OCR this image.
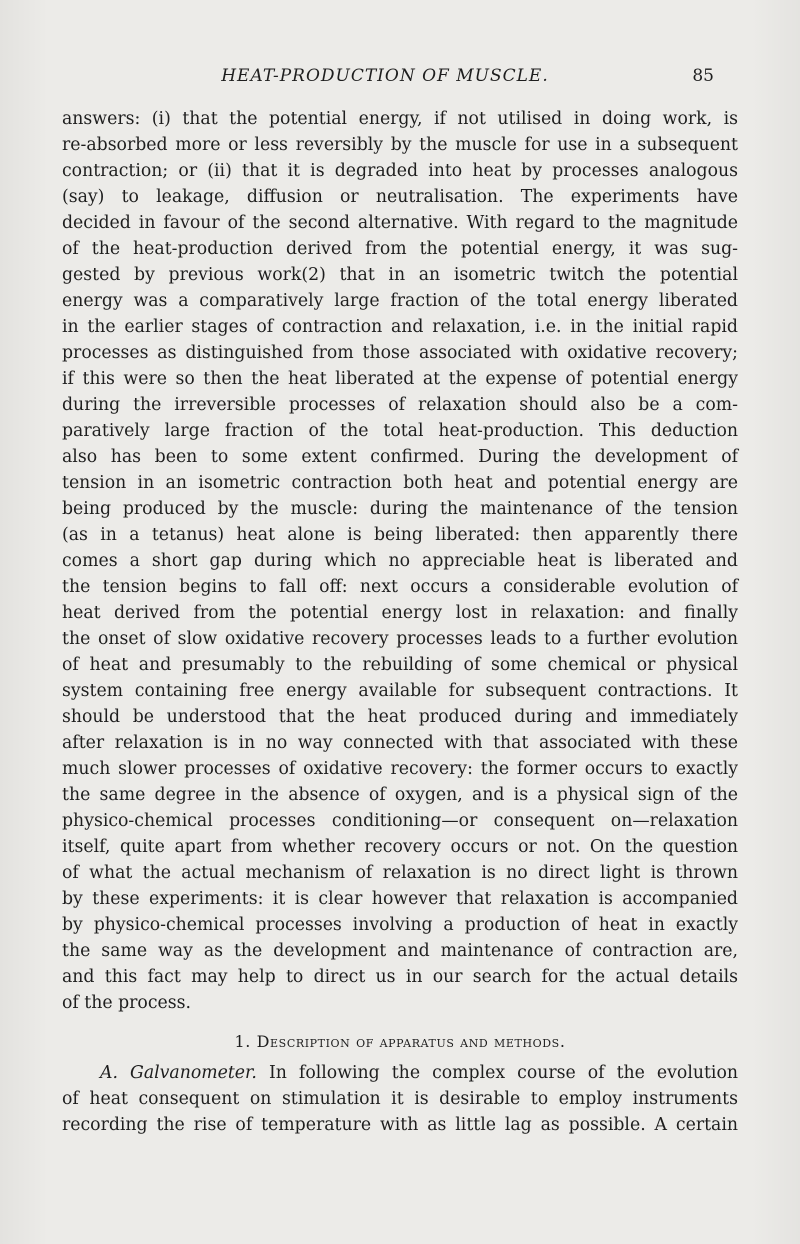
HEAT-PRODUCTION OF MUSCLE.	85
answers: (i) that the potential energy, if not utilised in doing work, is
re-absorbed more or less reversibly by the muscle for use in a subsequent
contraction; or (ii) that it is degraded into heat by processes analogous
(say) to leakage, diffusion or neutralisation. The experiments have
decided in favour of the second alternative. With regard to the magnitude
of the heat-production derived from the potential energy, it was sug-
gested by previous work(2) that in an isometric twitch the potential
energy was a comparatively large fraction of the total energy liberated
in the earlier stages of contraction and relaxation, i.e. in the initial rapid
processes as distinguished from those associated with oxidative recovery;
if this were so then the heat liberated at the expense of potential energy
during the irreversible processes of relaxation should also be a com-
paratively large fraction of the total heat-production. This deduction
also has been to some extent confirmed. During the development of
tension in an isometric contraction both heat and potential energy are
being produced by the muscle: during the maintenance of the tension
(as in a tetanus) heat alone is being liberated: then apparently there
comes a short gap during which no appreciable heat is liberated and
the tension begins to fall off: next occurs a considerable evolution of
heat derived from the potential energy lost in relaxation: and finally
the onset of slow oxidative recovery processes leads to a further evolution
of heat and presumably to the rebuilding of some chemical or physical
system containing free energy available for subsequent contractions. It
should be understood that the heat produced during and immediately
after relaxation is in no way connected with that associated with these
much slower processes of oxidative recovery: the former occurs to exactly
the same degree in the absence of oxygen, and is a physical sign of the
physico-chemical processes conditioning—or consequent on—relaxation
itself, quite apart from whether recovery occurs or not. On the question
of what the actual mechanism of relaxation is no direct light is thrown
by these experiments: it is clear however that relaxation is accompanied
by physico-chemical processes involving a production of heat in exactly
the same way as the development and maintenance of contraction are,
and this fact may help to direct us in our search for the actual details
of the process.
1. Description of apparatus and methods.
A. Galvanometer. In following the complex course of the evolution
of heat consequent on stimulation it is desirable to employ instruments
recording the rise of temperature with as little lag as possible. A certain
